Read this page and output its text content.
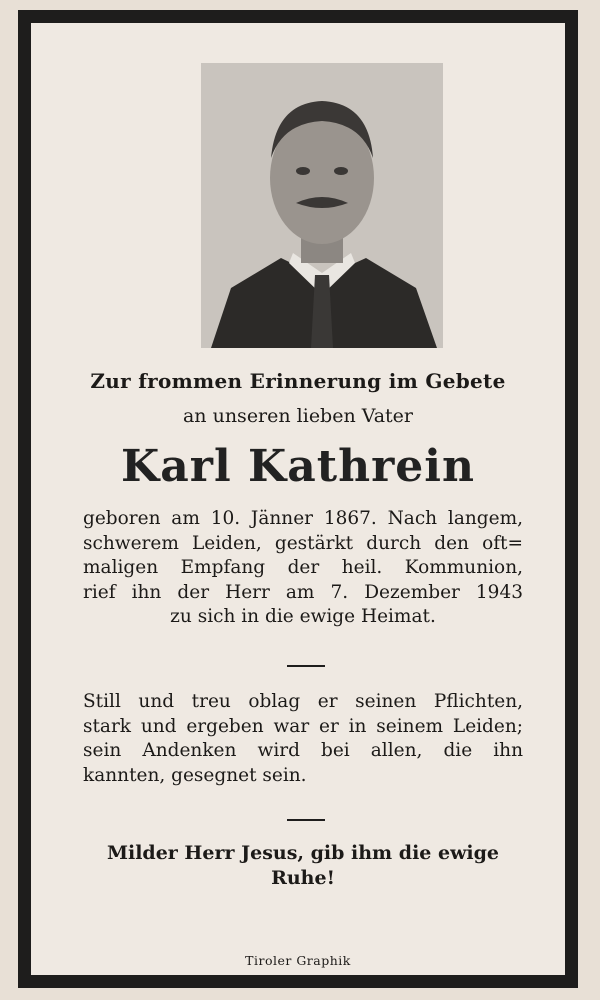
Zur frommen Erinnerung im Gebete
an unseren lieben Vater
Karl Kathrein
geboren am 10. Jänner 1867. Nach langem,
schwerem Leiden, gestärkt durch den oft=
maligen Empfang der heil. Kommunion,
rief ihn der Herr am 7. Dezember 1943
zu sich in die ewige Heimat.
Still und treu oblag er seinen Pflichten,
stark und ergeben war er in seinem Leiden;
sein Andenken wird bei allen, die ihn
kannten, gesegnet sein.
Milder Herr Jesus, gib ihm die ewige
Ruhe!
Tiroler Graphik
